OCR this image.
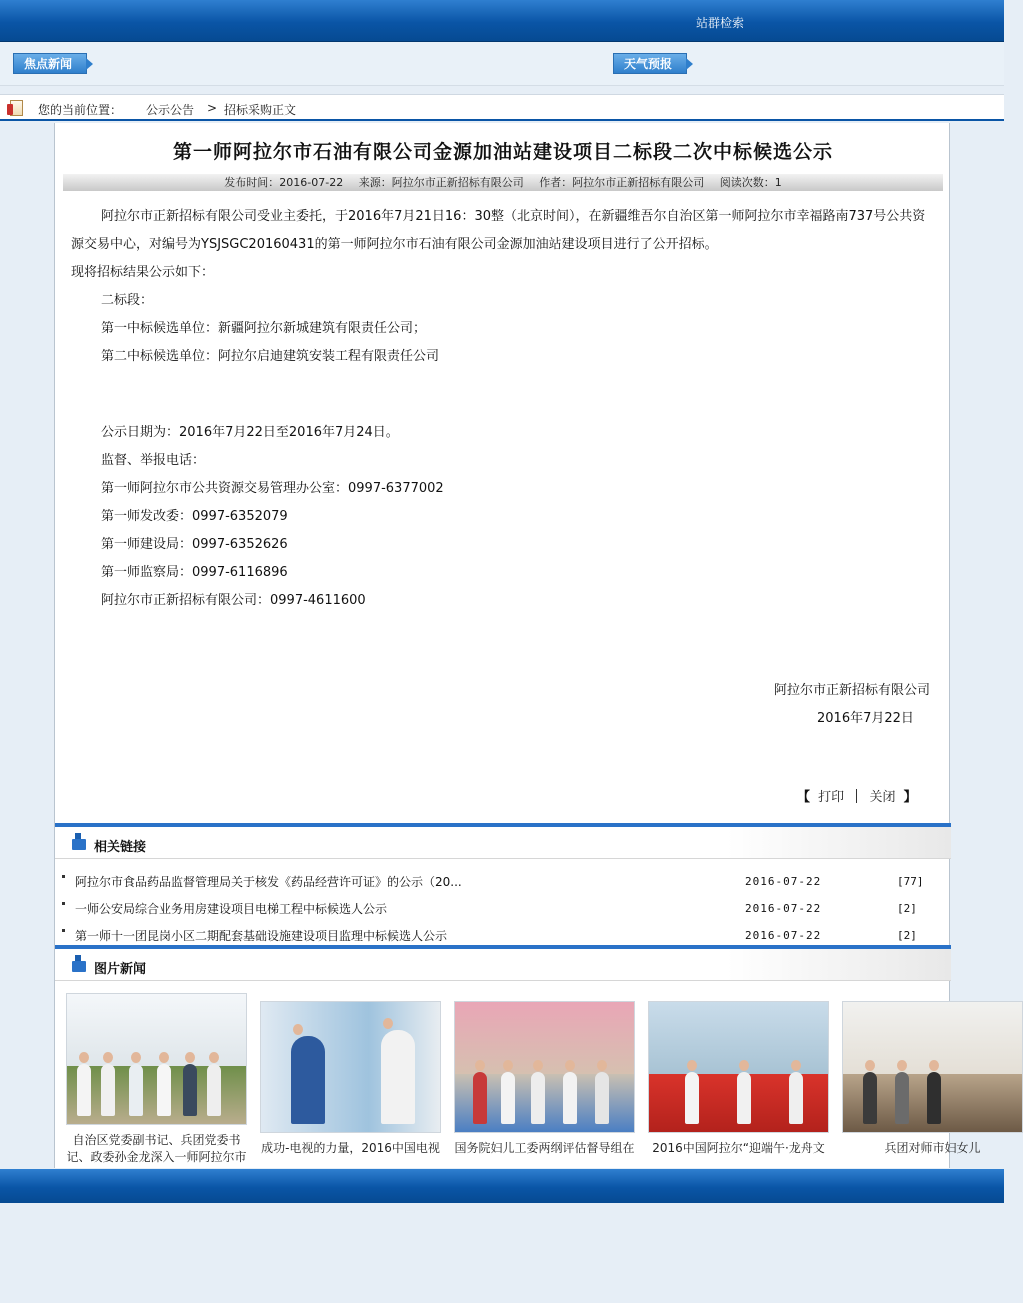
站群检索
焦点新闻	天气预报
您的当前位置： 公示公告 > 招标采购正文
第一师阿拉尔市石油有限公司金源加油站建设项目二标段二次中标候选公示
发布时间：2016-07-22 来源：阿拉尔市正新招标有限公司 作者：阿拉尔市正新招标有限公司 阅读次数：1

阿拉尔市正新招标有限公司受业主委托，于2016年7月21日16：30整（北京时间），在新疆维吾尔自治区第一师阿拉尔市幸福路南737号公共资源交易中心，对编号为YSJSGC20160431的第一师阿拉尔市石油有限公司金源加油站建设项目进行了公开招标。

现将招标结果公示如下：

二标段：

第一中标候选单位：新疆阿拉尔新城建筑有限责任公司；

第二中标候选单位：阿拉尔启迪建筑安装工程有限责任公司

公示日期为：2016年7月22日至2016年7月24日。

监督、举报电话：

第一师阿拉尔市公共资源交易管理办公室：0997-6377002

第一师发改委：0997-6352079

第一师建设局：0997-6352626

第一师监察局：0997-6116896

阿拉尔市正新招标有限公司：0997-4611600

阿拉尔市正新招标有限公司
2016年7月22日
【 打印 关闭 】
相关链接
阿拉尔市食品药品监督管理局关于核发《药品经营许可证》的公示（20...	2016-07-22	[77]
一师公安局综合业务用房建设项目电梯工程中标候选人公示	2016-07-22	[2]
第一师十一团昆岗小区二期配套基础设施建设项目监理中标候选人公示	2016-07-22	[2]
图片新闻
自治区党委副书记、兵团党委书记、政委孙金龙深入一师阿拉尔市
成功-电视的力量，2016中国电视 国务院妇儿工委两纲评估督导组在	2016中国阿拉尔“迎端午·龙舟文	兵团对师市妇女儿
